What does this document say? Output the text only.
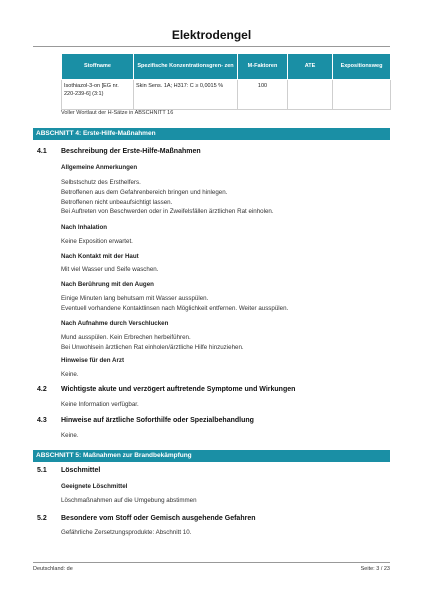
Elektrodengel
Stoffname	Spezifische Konzentrationsgren- zen	M-Faktoren	ATE	Expositionsweg
Isothiazol-3-on [EG nr. 220-239-6] (3:1)	Skin Sens. 1A; H317: C ≥ 0,0015 %	100		
Voller Wortlaut der H-Sätze in ABSCHNITT 16
ABSCHNITT 4: Erste-Hilfe-Maßnahmen
4.1 Beschreibung der Erste-Hilfe-Maßnahmen
Allgemeine Anmerkungen
Selbstschutz des Ersthelfers.
Betroffenen aus dem Gefahrenbereich bringen und hinlegen.
Betroffenen nicht unbeaufsichtigt lassen.
Bei Auftreten von Beschwerden oder in Zweifelsfällen ärztlichen Rat einholen.
Nach Inhalation
Keine Exposition erwartet.
Nach Kontakt mit der Haut
Mit viel Wasser und Seife waschen.
Nach Berührung mit den Augen
Einige Minuten lang behutsam mit Wasser ausspülen.
Eventuell vorhandene Kontaktlinsen nach Möglichkeit entfernen. Weiter ausspülen.
Nach Aufnahme durch Verschlucken
Mund ausspülen. Kein Erbrechen herbeiführen.
Bei Unwohlsein ärztlichen Rat einholen/ärztliche Hilfe hinzuziehen.
Hinweise für den Arzt
Keine.
4.2 Wichtigste akute und verzögert auftretende Symptome und Wirkungen
Keine Information verfügbar.
4.3 Hinweise auf ärztliche Soforthilfe oder Spezialbehandlung
Keine.
ABSCHNITT 5: Maßnahmen zur Brandbekämpfung
5.1 Löschmittel
Geeignete Löschmittel
Löschmaßnahmen auf die Umgebung abstimmen
5.2 Besondere vom Stoff oder Gemisch ausgehende Gefahren
Gefährliche Zersetzungsprodukte: Abschnitt 10.
Deutschland: de	Seite: 3 / 23
